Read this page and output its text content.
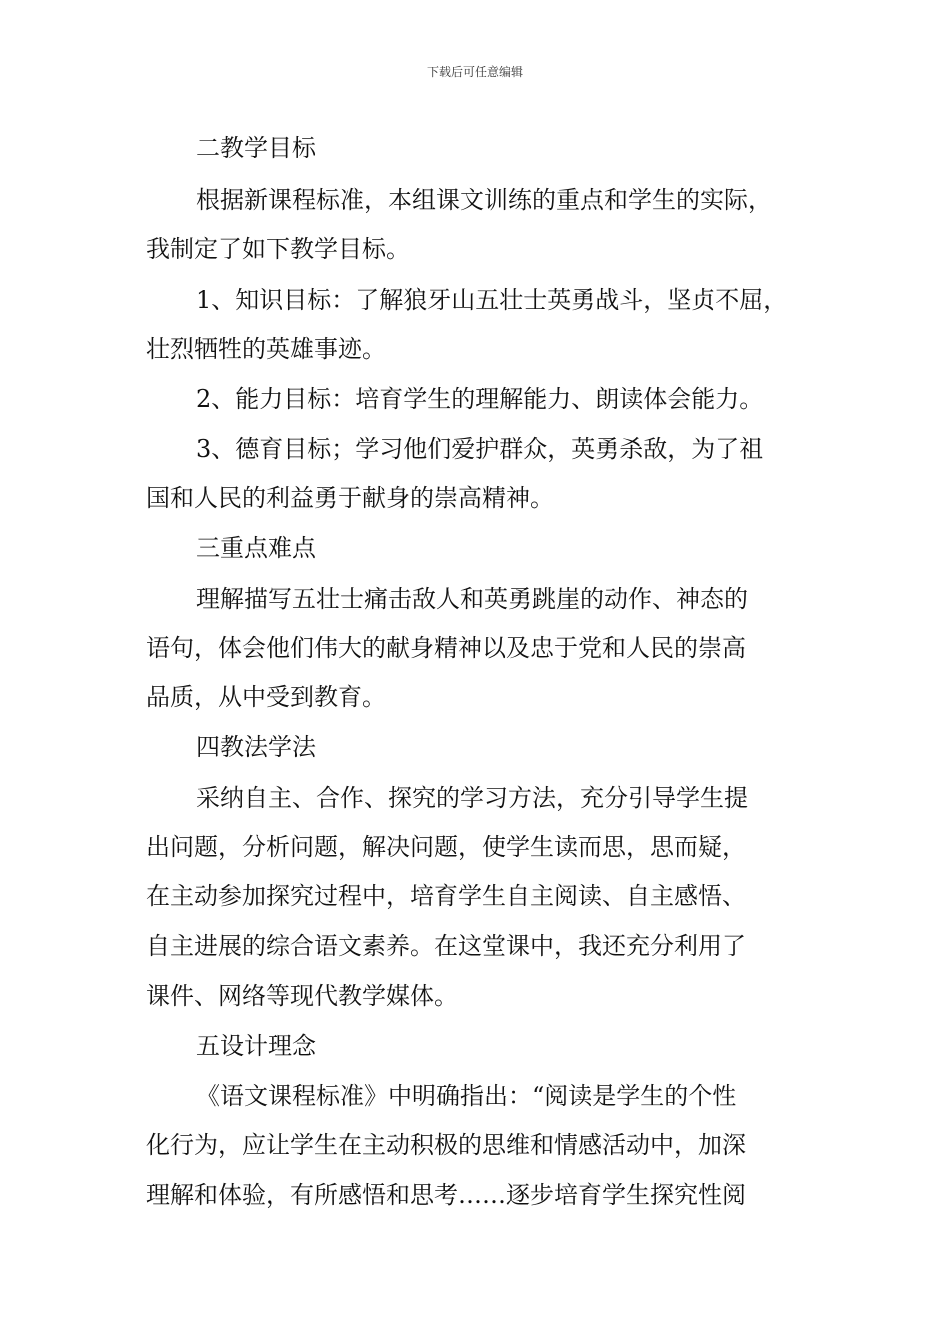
下载后可任意编辑
二教学目标
根据新课程标准，本组课文训练的重点和学生的实际，
我制定了如下教学目标。
1、知识目标：了解狼牙山五壮士英勇战斗，坚贞不屈，
壮烈牺牲的英雄事迹。
2、能力目标：培育学生的理解能力、朗读体会能力。
3、德育目标；学习他们爱护群众，英勇杀敌，为了祖
国和人民的利益勇于献身的崇高精神。
三重点难点
理解描写五壮士痛击敌人和英勇跳崖的动作、神态的
语句，体会他们伟大的献身精神以及忠于党和人民的崇高
品质，从中受到教育。
四教法学法
采纳自主、合作、探究的学习方法，充分引导学生提
出问题，分析问题，解决问题，使学生读而思，思而疑，
在主动参加探究过程中，培育学生自主阅读、自主感悟、
自主进展的综合语文素养。在这堂课中，我还充分利用了
课件、网络等现代教学媒体。
五设计理念
《语文课程标准》中明确指出：“阅读是学生的个性
化行为，应让学生在主动积极的思维和情感活动中，加深
理解和体验，有所感悟和思考……逐步培育学生探究性阅
